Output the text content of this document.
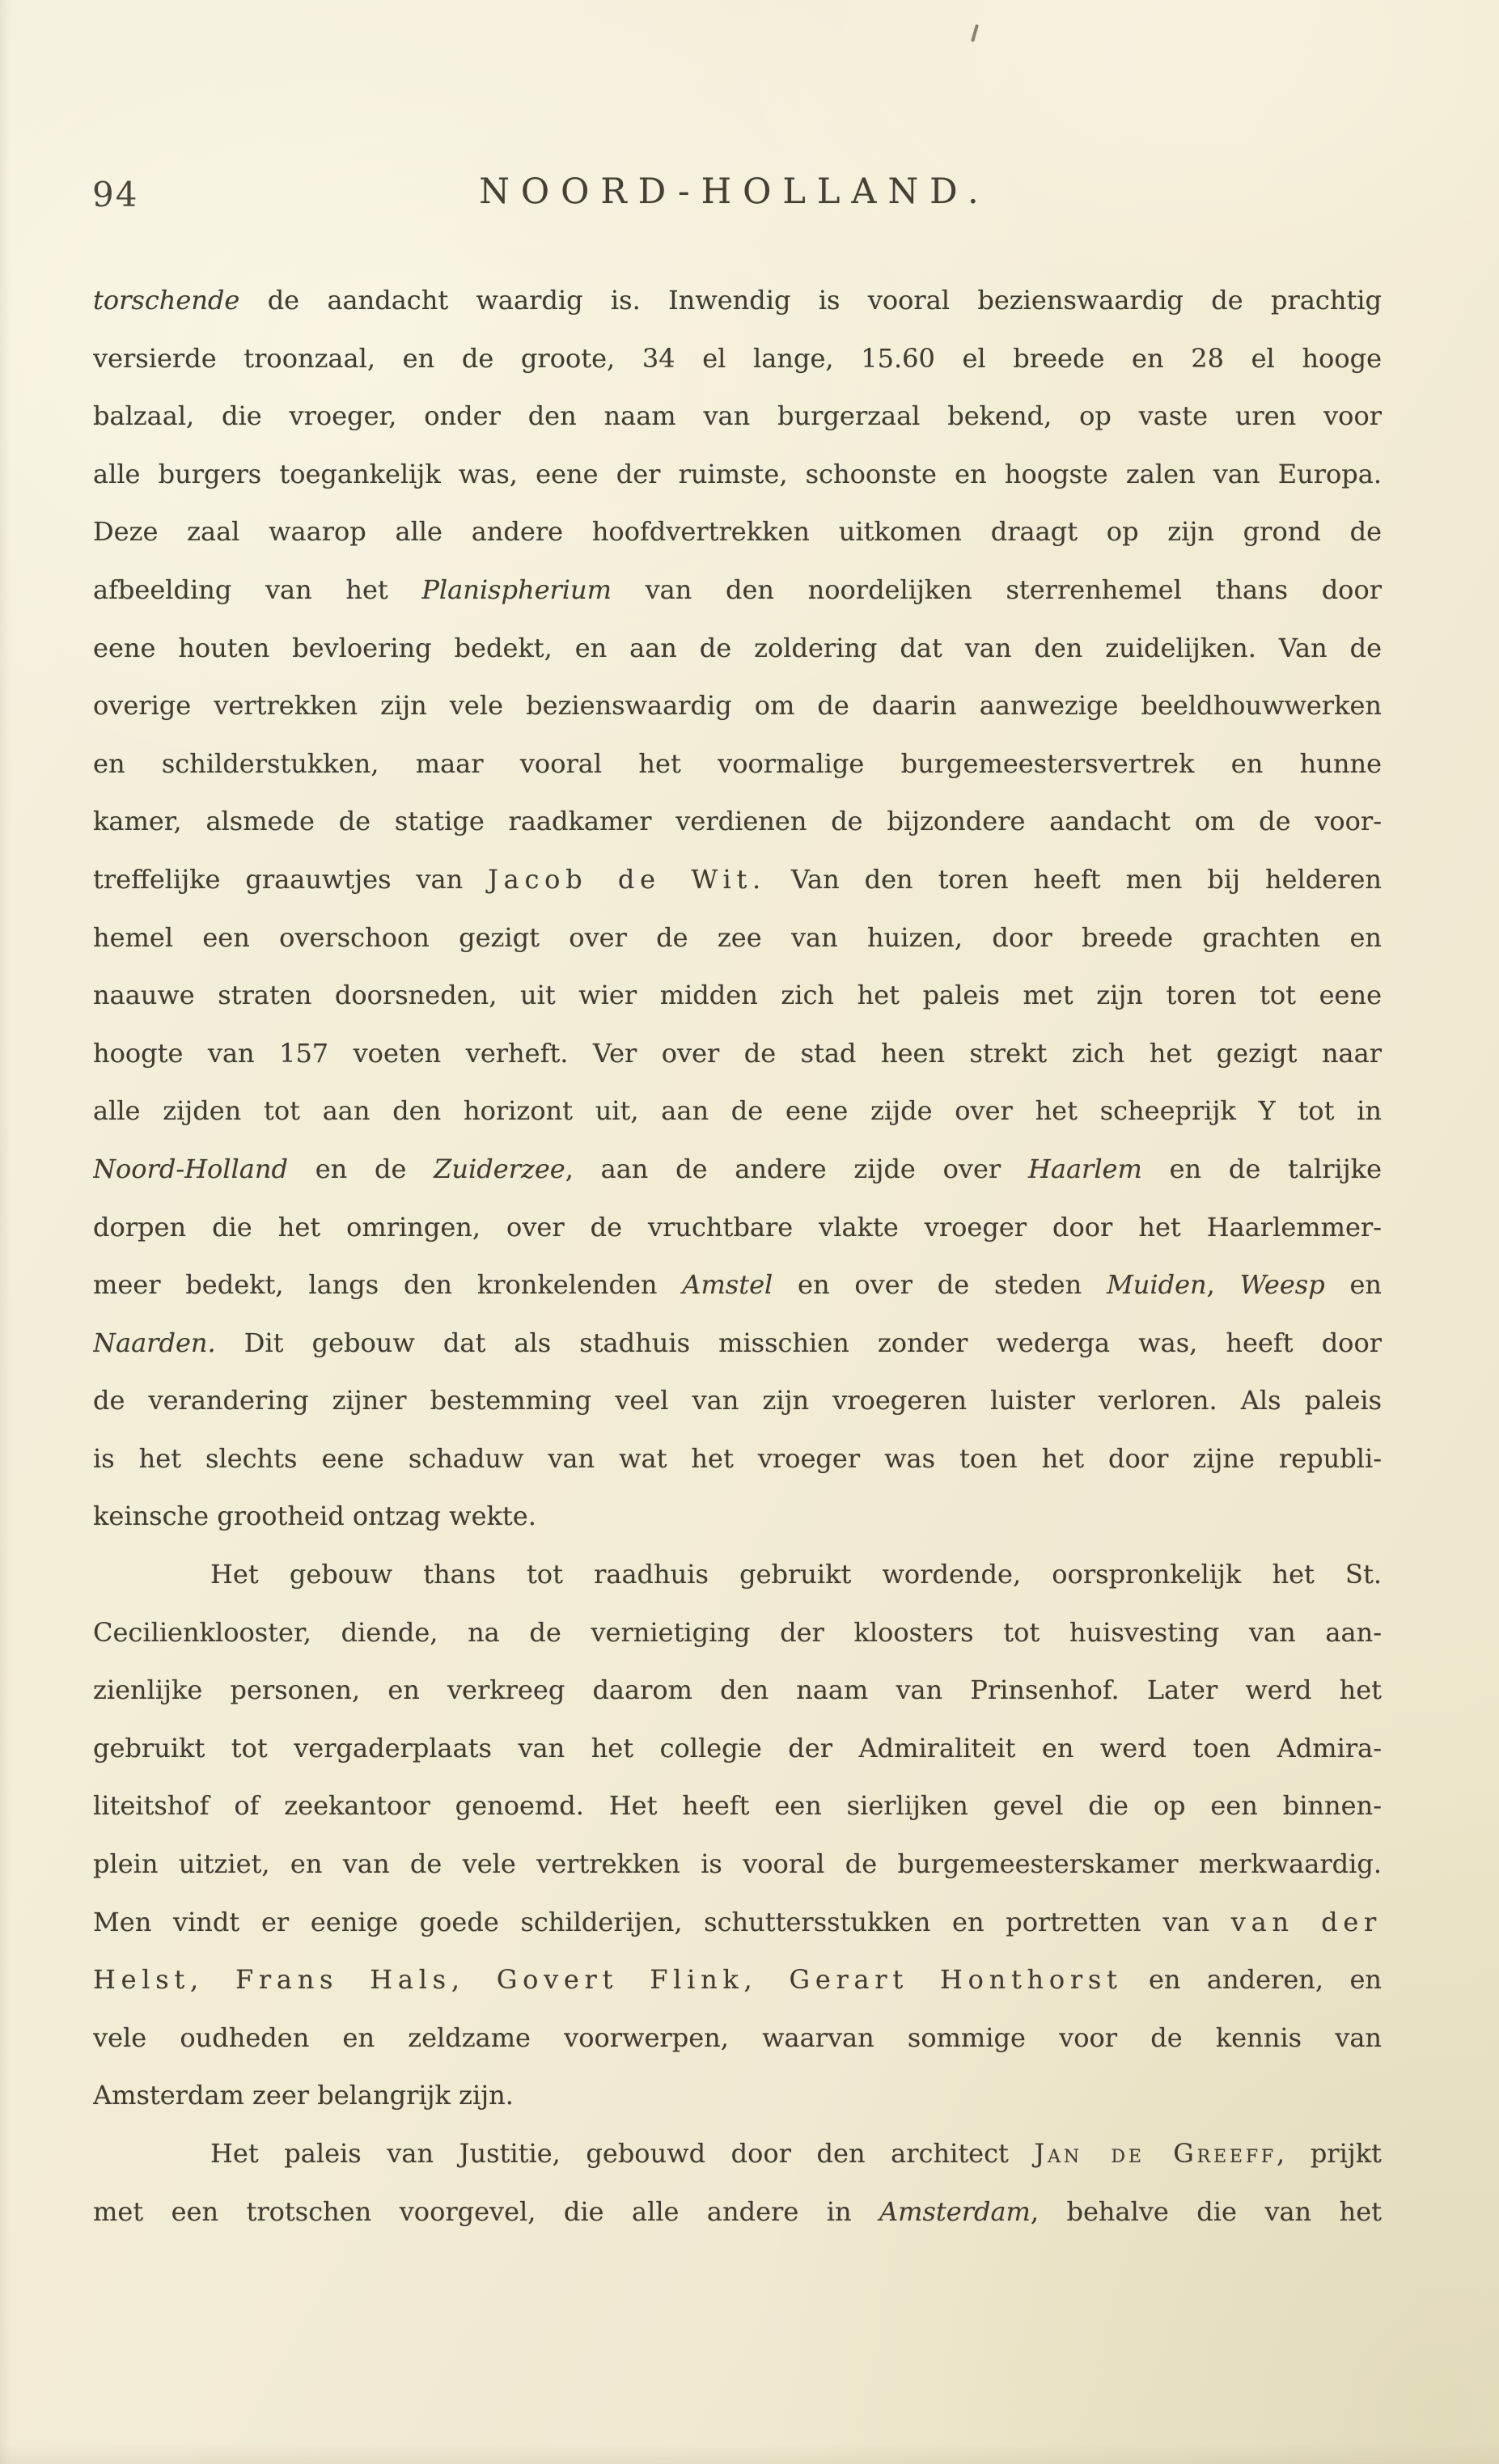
94	NOORD-HOLLAND.
torschende de aandacht waardig is. Inwendig is vooral bezienswaardig de prachtig
versierde troonzaal, en de groote, 34 el lange, 15.60 el breede en 28 el hooge
balzaal, die vroeger, onder den naam van burgerzaal bekend, op vaste uren voor
alle burgers toegankelijk was, eene der ruimste, schoonste en hoogste zalen van Europa.
Deze zaal waarop alle andere hoofdvertrekken uitkomen draagt op zijn grond de
afbeelding van het Planispherium van den noordelijken sterrenhemel thans door
eene houten bevloering bedekt, en aan de zoldering dat van den zuidelijken. Van de
overige vertrekken zijn vele bezienswaardig om de daarin aanwezige beeldhouwwerken
en schilderstukken, maar vooral het voormalige burgemeestersvertrek en hunne
kamer, alsmede de statige raadkamer verdienen de bijzondere aandacht om de voor-
treffelijke graauwtjes van Jacob de Wit. Van den toren heeft men bij helderen
hemel een overschoon gezigt over de zee van huizen, door breede grachten en
naauwe straten doorsneden, uit wier midden zich het paleis met zijn toren tot eene
hoogte van 157 voeten verheft. Ver over de stad heen strekt zich het gezigt naar
alle zijden tot aan den horizont uit, aan de eene zijde over het scheeprijk Y tot in
Noord-Holland en de Zuiderzee, aan de andere zijde over Haarlem en de talrijke
dorpen die het omringen, over de vruchtbare vlakte vroeger door het Haarlemmer-
meer bedekt, langs den kronkelenden Amstel en over de steden Muiden, Weesp en
Naarden. Dit gebouw dat als stadhuis misschien zonder wederga was, heeft door
de verandering zijner bestemming veel van zijn vroegeren luister verloren. Als paleis
is het slechts eene schaduw van wat het vroeger was toen het door zijne republi-
keinsche grootheid ontzag wekte.
Het gebouw thans tot raadhuis gebruikt wordende, oorspronkelijk het St.
Cecilienklooster, diende, na de vernietiging der kloosters tot huisvesting van aan-
zienlijke personen, en verkreeg daarom den naam van Prinsenhof. Later werd het
gebruikt tot vergaderplaats van het collegie der Admiraliteit en werd toen Admira-
liteitshof of zeekantoor genoemd. Het heeft een sierlijken gevel die op een binnen-
plein uitziet, en van de vele vertrekken is vooral de burgemeesterskamer merkwaardig.
Men vindt er eenige goede schilderijen, schuttersstukken en portretten van van der
Helst, Frans Hals, Govert Flink, Gerart Honthorst en anderen, en
vele oudheden en zeldzame voorwerpen, waarvan sommige voor de kennis van
Amsterdam zeer belangrijk zijn.
Het paleis van Justitie, gebouwd door den architect Jan de Greeff, prijkt
met een trotschen voorgevel, die alle andere in Amsterdam, behalve die van het
